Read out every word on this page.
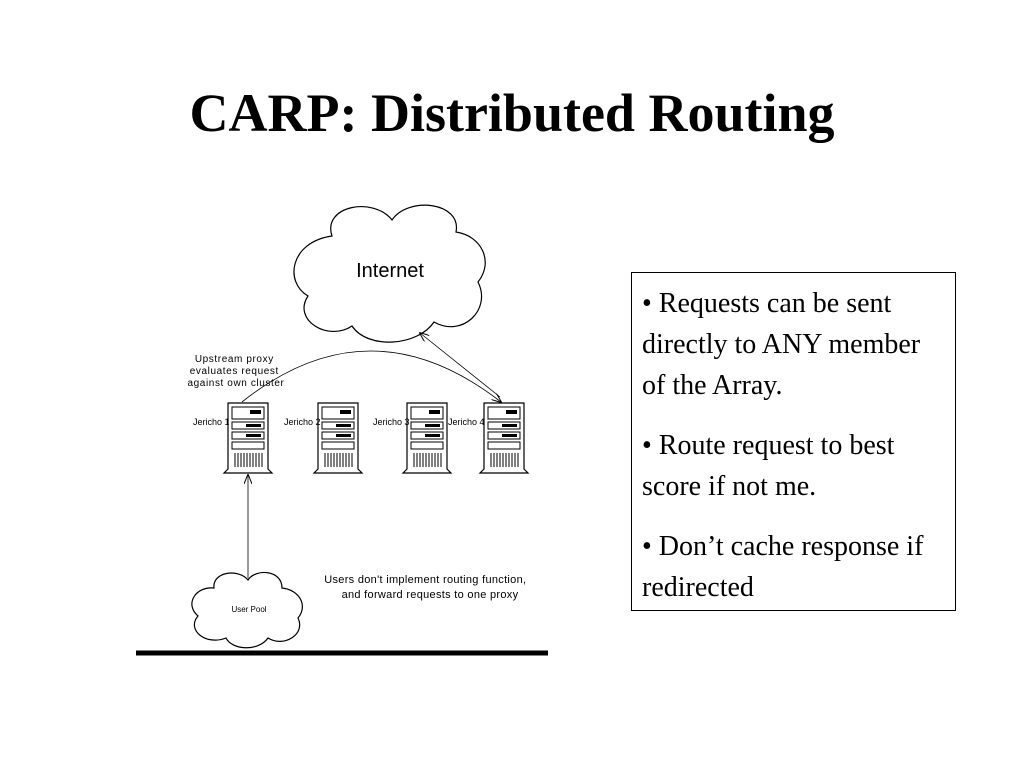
CARP: Distributed Routing
Internet
Upstream proxy evaluates request against own cluster
Jericho 1	Jericho 2	Jericho 3	Jericho 4
User Pool
Users don't implement routing function, and forward requests to one proxy

• Requests can be sent directly to ANY member of the Array.

• Route request to best score if not me.

• Don’t cache response if redirected
